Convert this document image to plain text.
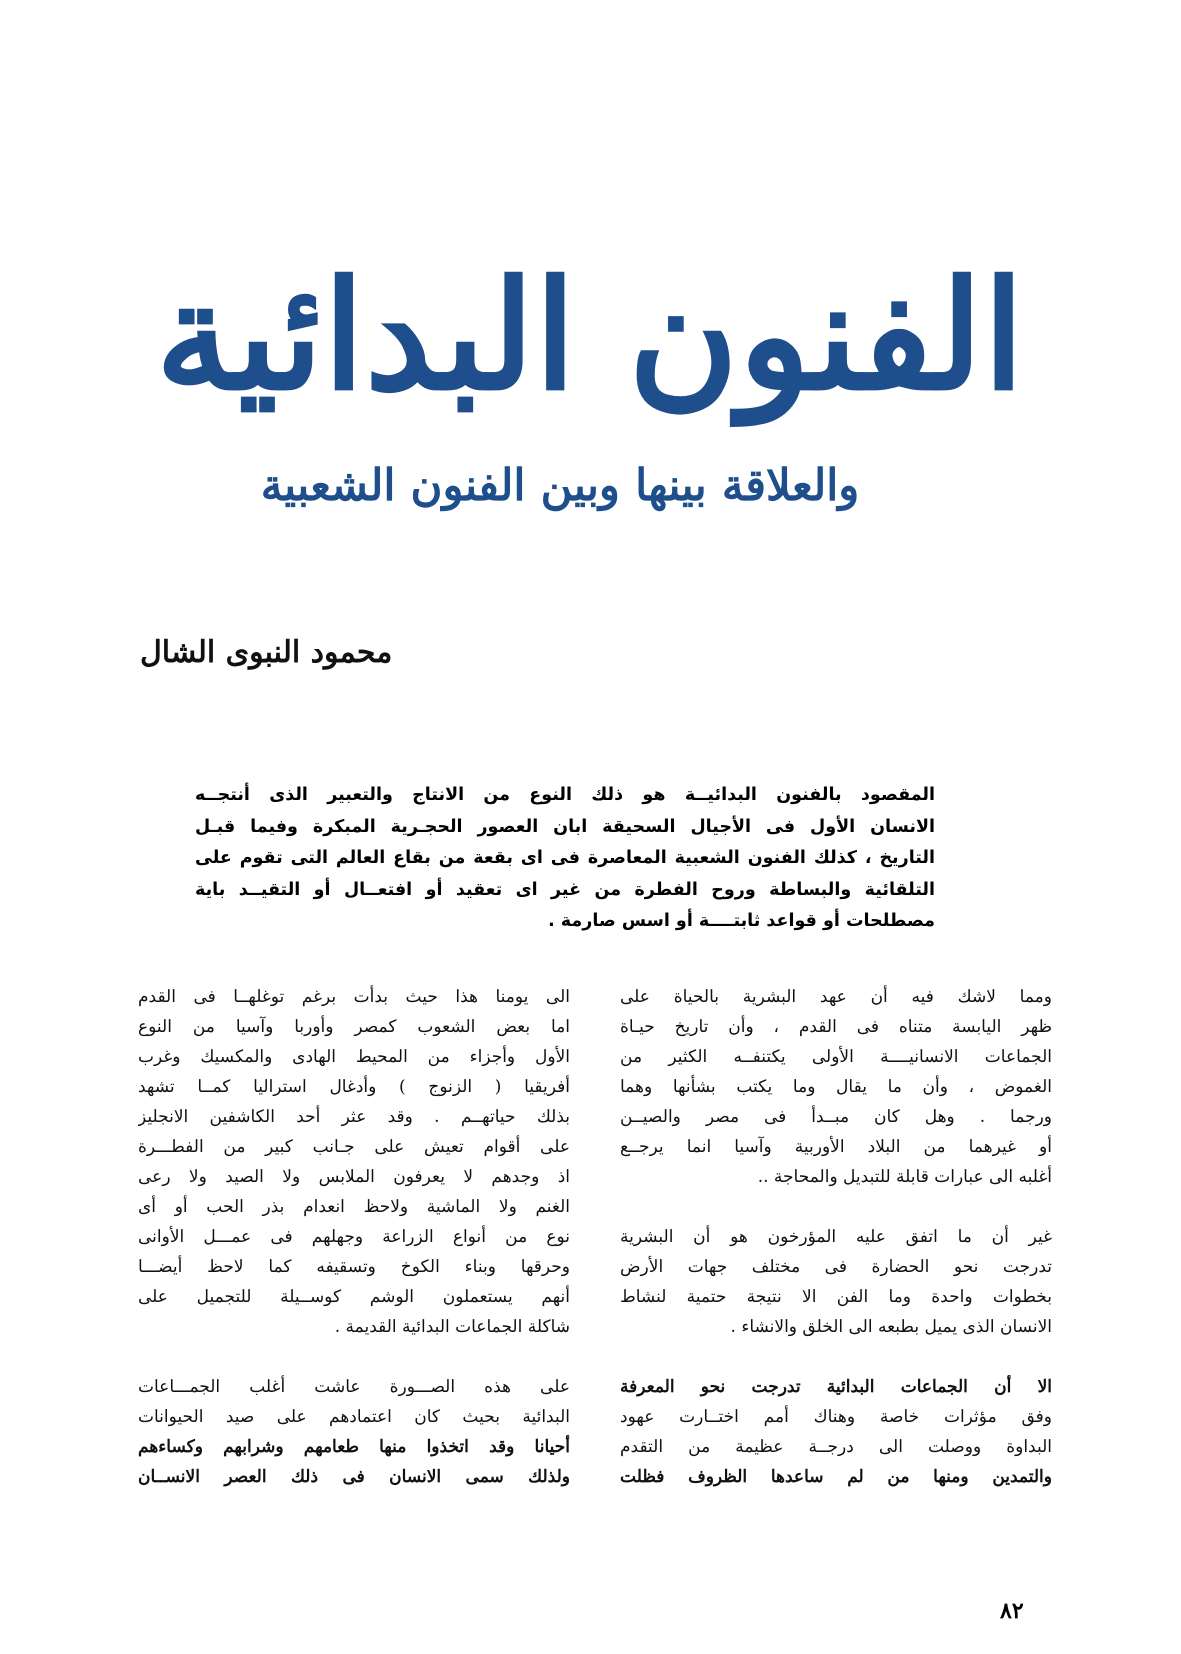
الفنون البدائية
والعلاقة بينها وبين الفنون الشعبية
محمود النبوى الشال
المقصود بالفنون البدائيــة هو ذلك النوع من الانتاج والتعبير الذى أنتجــه
الانسان الأول فى الأجيال السحيقة ابان العصور الحجـرية المبكرة وفيما قبـل
التاريخ ، كذلك الفنون الشعبية المعاصرة فى اى بقعة من بقاع العالم التى تقوم على
التلقائية والبساطة وروح الفطرة من غير اى تعقيد أو افتعــال أو التقيــد باية
مصطلحات أو قواعد ثابتــــة أو اسس صارمة .
ومما لاشك فيه أن عهد البشرية بالحياة على
ظهر اليابسة متناه فى القدم ، وأن تاريخ حيـاة
الجماعات الانسانيــــة الأولى يكتنفــه الكثير من
الغموض ، وأن ما يقال وما يكتب بشأنها وهما
ورجما . وهل كان مبــدأ فى مصر والصيــن
أو غيرهما من البلاد الأوربية وآسيا انما يرجــع
أغلبه الى عبارات قابلة للتبديل والمحاجة ..
غير أن ما اتفق عليه المؤرخون هو أن البشرية
تدرجت نحو الحضارة فى مختلف جهات الأرض
بخطوات واحدة وما الفن الا نتيجة حتمية لنشاط
الانسان الذى يميل بطبعه الى الخلق والانشاء .
الا أن الجماعات البدائية تدرجت نحو المعرفة
وفق مؤثرات خاصة وهناك أمم اختــارت عهود
البداوة ووصلت الى درجــة عظيمة من التقدم
والتمدين ومنها من لم ساعدها الظروف فظلت
الى يومنا هذا حيث بدأت برغم توغلهــا فى القدم
اما بعض الشعوب كمصر وأوربا وآسيا من النوع
الأول وأجزاء من المحيط الهادى والمكسيك وغرب
أفريقيا ( الزنوج ) وأدغال استراليا كمــا تشهد
بذلك حياتهــم . وقد عثر أحد الكاشفين الانجليز
على أقوام تعيش على جـانب كبير من الفطـــرة
اذ وجدهم لا يعرفون الملابس ولا الصيد ولا رعى
الغنم ولا الماشية ولاحظ انعدام بذر الحب أو أى
نوع من أنواع الزراعة وجهلهم فى عمـــل الأوانى
وحرقها وبناء الكوخ وتسقيفه كما لاحظ أيضـــا
أنهم يستعملون الوشم كوســيلة للتجميل على
شاكلة الجماعات البدائية القديمة .
على هذه الصـــورة عاشت أغلب الجمـــاعات
البدائية بحيث كان اعتمادهم على صيد الحيوانات
أحيانا وقد اتخذوا منها طعامهم وشرابهم وكساءهم
ولذلك سمى الانسان فى ذلك العصر الانســان
٨٢
